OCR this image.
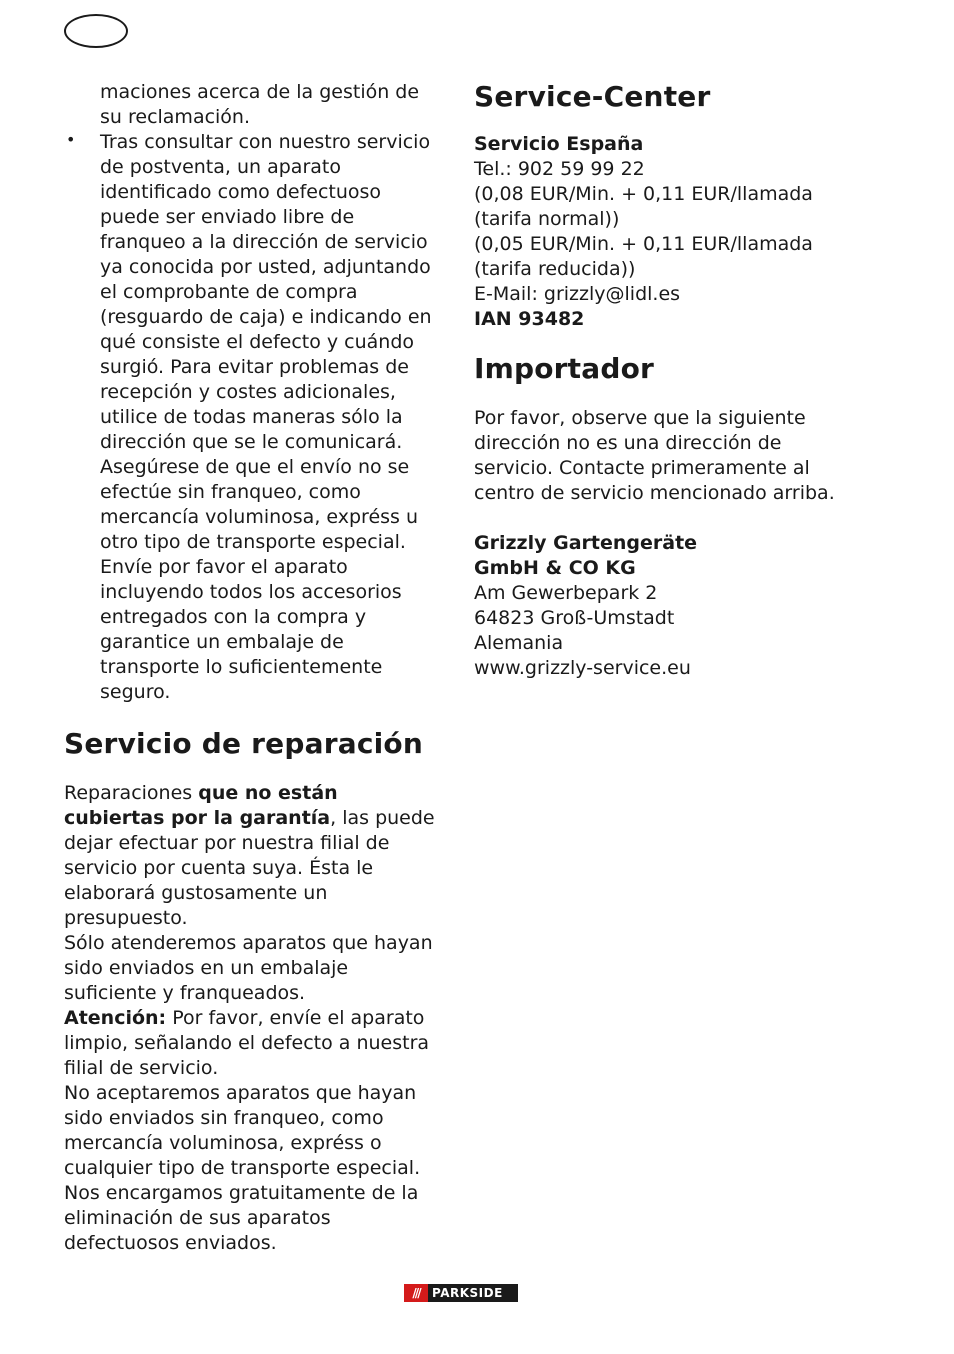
maciones acerca de la gestión de su reclamación.

• Tras consultar con nuestro servicio de postventa, un aparato identificado como defectuoso puede ser enviado libre de franqueo a la dirección de servicio ya conocida por usted, adjuntando el comprobante de compra (resguardo de caja) e indicando en qué consiste el defecto y cuándo surgió. Para evitar problemas de recepción y costes adicionales, utilice de todas maneras sólo la dirección que se le comunicará. Asegúrese de que el envío no se efectúe sin franqueo, como mercancía voluminosa, expréss u otro tipo de transporte especial. Envíe por favor el aparato incluyendo todos los accesorios entregados con la compra y garantice un embalaje de transporte lo suficientemente seguro.

Servicio de reparación

Reparaciones que no están cubiertas por la garantía, las puede dejar efectuar por nuestra filial de servicio por cuenta suya. Ésta le elaborará gustosamente un presupuesto.

Sólo atenderemos aparatos que hayan sido enviados en un embalaje suficiente y franqueados.

Atención: Por favor, envíe el aparato limpio, señalando el defecto a nuestra filial de servicio.

No aceptaremos aparatos que hayan sido enviados sin franqueo, como mercancía voluminosa, expréss o cualquier tipo de transporte especial.

Nos encargamos gratuitamente de la eliminación de sus aparatos defectuosos enviados.

Service-Center

Servicio España

Tel.: 902 59 99 22

(0,08 EUR/Min. + 0,11 EUR/llamada (tarifa normal))

(0,05 EUR/Min. + 0,11 EUR/llamada (tarifa reducida))

E-Mail: grizzly@lidl.es

IAN 93482

Importador

Por favor, observe que la siguiente dirección no es una dirección de servicio. Contacte primeramente al centro de servicio mencionado arriba.

Grizzly Gartengeräte

GmbH & CO KG

Am Gewerbepark 2

64823 Groß-Umstadt

Alemania

www.grizzly-service.eu

///	PARKSIDE
